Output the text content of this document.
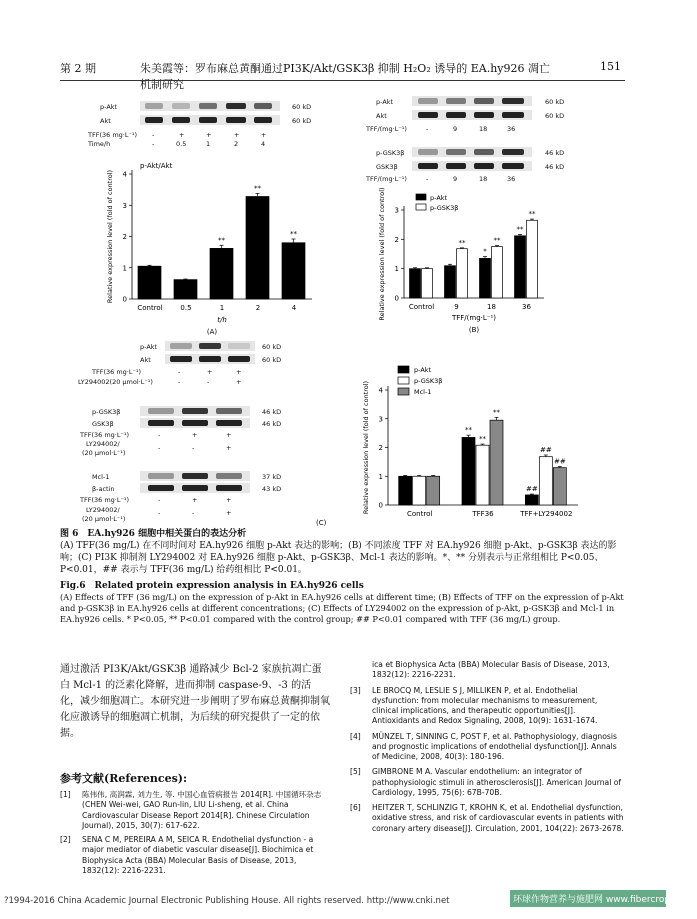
第 2 期	朱美霞等：罗布麻总黄酮通过PI3K/Akt/GSK3β 抑制 H₂O₂ 诱导的 EA.hy926 凋亡机制研究
151
p-Akt
Akt
60 kD
60 kD
TFF(36 mg·L⁻¹)
Time/h
-	+	+	+	+
-	0.5	1	2	4
p-Akt
Akt
60 kD
60 kD
TFF/(mg·L⁻¹)	-	9	18	36
p-GSK3β
GSK3β
46 kD
46 kD
TFF/(mg·L⁻¹)	-	9	18	36
0
1
2
3
4
Relative expression level (fold of control)
Control	0.5	1
**
2
**
4
**
p-Akt/Akt
t/h
(A)
0
1
2
3
Relative expression level (fold of control)	Control	9
**
18
*
**
36
**
**
p-Akt
p-GSK3β
TFF/(mg·L⁻¹)
(B)
p-Akt
Akt
60 kD
60 kD
TFF(36 mg·L⁻¹)
LY294002(20 μmol·L⁻¹)
-	+	+
-	-	+
p-GSK3β
GSK3β
46 kD
46 kD
TFF(36 mg·L⁻¹)
LY294002/
(20 μmol·L⁻¹)
-	+	+
-	-	+
Mcl-1
β-actin
37 kD
43 kD
TFF(36 mg·L⁻¹)
LY294002/
(20 μmol·L⁻¹)
-	+	+
-	-	+
0
1
2
3
4
Relative expression level (fold of control)	Control	TFF36
**
**
**
TFF+LY294002
##
##
##
p-Akt
p-GSK3β
Mcl-1
(C)
图 6　EA.hy926 细胞中相关蛋白的表达分析
(A) TFF(36 mg/L) 在不同时间对 EA.hy926 细胞 p-Akt 表达的影响；(B) 不同浓度 TFF 对 EA.hy926 细胞 p-Akt、p-GSK3β 表达的影响；(C) PI3K 抑制剂 LY294002 对 EA.hy926 细胞 p-Akt、p-GSK3β、Mcl-1 表达的影响。*、** 分别表示与正常组相比 P<0.05、P<0.01，## 表示与 TFF(36 mg/L) 给药组相比 P<0.01。
Fig.6　Related protein expression analysis in EA.hy926 cells
(A) Effects of TFF (36 mg/L) on the expression of p-Akt in EA.hy926 cells at different time; (B) Effects of TFF on the expression of p-Akt and p-GSK3β in EA.hy926 cells at different concentrations; (C) Effects of LY294002 on the expression of p-Akt, p-GSK3β and Mcl-1 in EA.hy926 cells. * P<0.05, ** P<0.01 compared with the control group; ## P<0.01 compared with TFF (36 mg/L) group.
通过激活 PI3K/Akt/GSK3β 通路减少 Bcl-2 家族抗凋亡蛋白 Mcl-1 的泛素化降解，进而抑制 caspase-9、-3 的活化，减少细胞凋亡。本研究进一步阐明了罗布麻总黄酮抑制氧化应激诱导的细胞凋亡机制，为后续的研究提供了一定的依据。
参考文献(References):
[1]	陈伟伟, 高润霖, 刘力生, 等. 中国心血管病报告 2014[R]. 中国循环杂志(CHEN Wei-wei, GAO Run-lin, LIU Li-sheng, et al. China Cardiovascular Disease Report 2014[R]. Chinese Circulation Journal), 2015, 30(7): 617-622.
[2]	SENA C M, PEREIRA A M, SEICA R. Endothelial dysfunction - a major mediator of diabetic vascular disease[J]. Biochimica et Biophysica Acta (BBA) Molecular Basis of Disease, 2013, 1832(12): 2216-2231.
ica et Biophysica Acta (BBA) Molecular Basis of Disease, 2013, 1832(12): 2216-2231.
[3]	LE BROCQ M, LESLIE S J, MILLIKEN P, et al. Endothelial dysfunction: from molecular mechanisms to measurement, clinical implications, and therapeutic opportunities[J]. Antioxidants and Redox Signaling, 2008, 10(9): 1631-1674.
[4]	MÜNZEL T, SINNING C, POST F, et al. Pathophysiology, diagnosis and prognostic implications of endothelial dysfunction[J]. Annals of Medicine, 2008, 40(3): 180-196.
[5]	GIMBRONE M A. Vascular endothelium: an integrator of pathophysiologic stimuli in atherosclerosis[J]. American Journal of Cardiology, 1995, 75(6): 67B-70B.
[6]	HEITZER T, SCHLINZIG T, KROHN K, et al. Endothelial dysfunction, oxidative stress, and risk of cardiovascular events in patients with coronary artery disease[J]. Circulation, 2001, 104(22): 2673-2678.
?1994-2016 China Academic Journal Electronic Publishing House. All rights reserved. http://www.cnki.net	环球作物营养与施肥网 www.fibercrops.com
